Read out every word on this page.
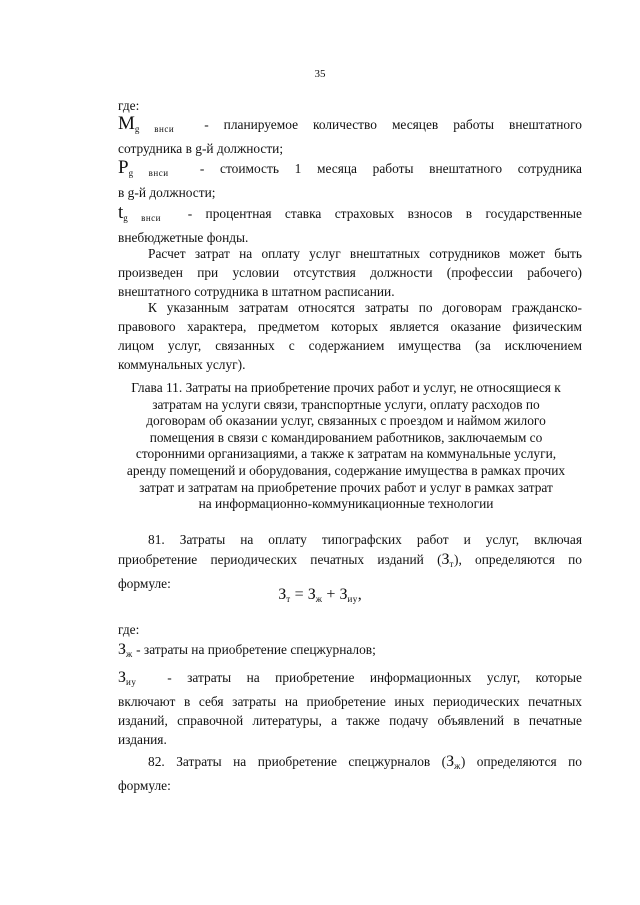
35

где:

$M_{g внси}$ - планируемое количество месяцев работы внештатного

сотрудника в g-й должности;

$P_{g внси}$ - стоимость 1 месяца работы внештатного сотрудника

в g-й должности;

$t_{g внси}$ - процентная ставка страховых взносов в государственные

внебюджетные фонды.

Расчет затрат на оплату услуг внештатных сотрудников может быть

произведен при условии отсутствия должности (профессии рабочего)

внештатного сотрудника в штатном расписании.

К указанным затратам относятся затраты по договорам гражданско-

правового характера, предметом которых является оказание физическим

лицом услуг, связанных с содержанием имущества (за исключением

коммунальных услуг).

Глава 11. Затраты на приобретение прочих работ и услуг, не относящиеся к

затратам на услуги связи, транспортные услуги, оплату расходов по

договорам об оказании услуг, связанных с проездом и наймом жилого

помещения в связи с командированием работников, заключаемым со

сторонними организациями, а также к затратам на коммунальные услуги,

аренду помещений и оборудования, содержание имущества в рамках прочих

затрат и затратам на приобретение прочих работ и услуг в рамках затрат

на информационно-коммуникационные технологии

81. Затраты на оплату типографских работ и услуг, включая

приобретение периодических печатных изданий $(З_т)$, определяются по

формуле:

$З_т = З_ж + З_{иу}$,

где:

$З_ж$ - затраты на приобретение спецжурналов;

$З_{иу}$ - затраты на приобретение информационных услуг, которые

включают в себя затраты на приобретение иных периодических печатных

изданий, справочной литературы, а также подачу объявлений в печатные

издания.

82. Затраты на приобретение спецжурналов $(З_ж)$ определяются по

формуле:
